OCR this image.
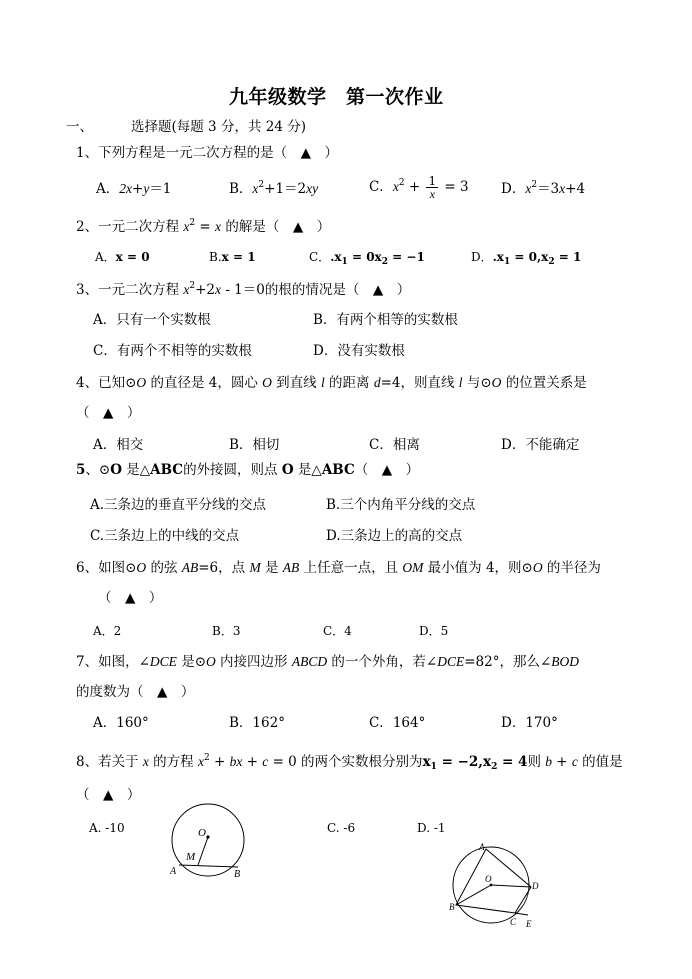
九年级数学　第一次作业
一、	选择题(每题 3 分，共 24 分)
1、下列方程是一元二次方程的是（　▲　）
A．2x+y＝1	B．$x^2+1=2xy$	C．$x^2 + \frac{1}{x} = 3$ D．$x^2=3x+4$
2、一元二次方程 $x^2 = x$ 的解是（　▲　）
A．x = 0	B.x = 1	C．$.x_1 = 0x_2 = -1$	D．$.x_1 = 0,x_2 = 1$
3、一元二次方程 $x^2+2x - 1=0$的根的情况是（　▲　）
A．只有一个实数根	B．有两个相等的实数根
C．有两个不相等的实数根	D．没有实数根
4、已知⊙O 的直径是 4，圆心 O 到直线 l 的距离 d=4，则直线 l 与⊙O 的位置关系是
（　▲　）
A．相交	B．相切	C．相离	D．不能确定
5、⊙O 是△ABC的外接圆，则点 O 是△ABC（　▲　）
A.三条边的垂直平分线的交点	B.三个内角平分线的交点
C.三条边上的中线的交点	D.三条边上的高的交点
6、如图⊙O 的弦 AB=6，点 M 是 AB 上任意一点，且 OM 最小值为 4，则⊙O 的半径为
（　▲　）
A．2	B．3	C．4	D．5
7、如图，∠DCE 是⊙O 内接四边形 ABCD 的一个外角，若∠DCE=82°，那么∠BOD
的度数为（　▲　）
A．160°	B．162°	C．164°	D．170°
8、若关于 x 的方程 $x^2$ + bx + c = 0 的两个实数根分别为$x_1 = -2,x_2 = 4$则 b + c 的值是
（　▲　）
A. -10	C. -6	D. -1
O
M
A	B
A
O
D
B
C E
